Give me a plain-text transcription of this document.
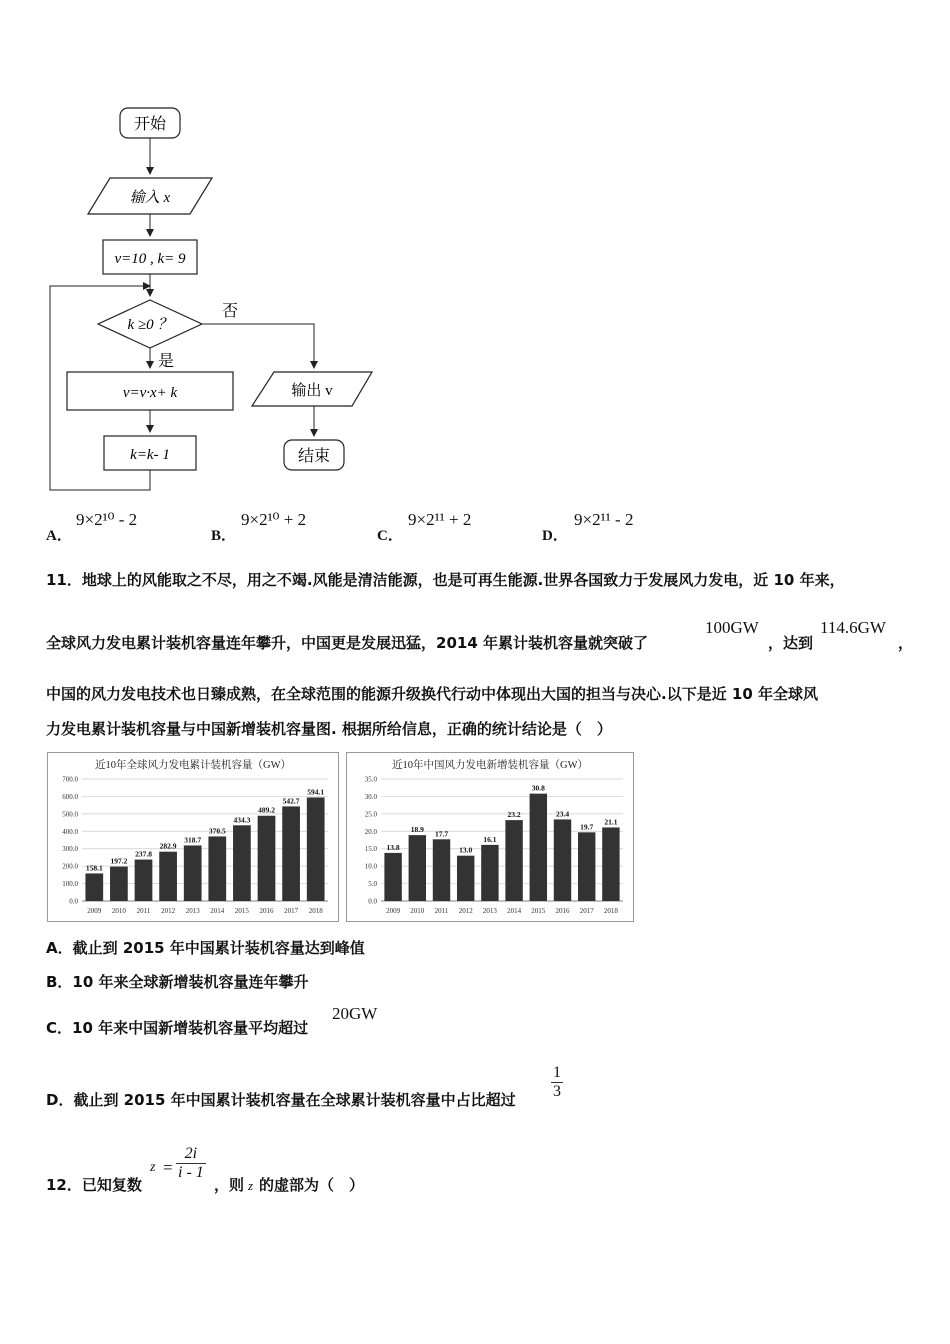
开始
输入 x
v=10 , k= 9
k ≥0 ？
否
是
v=v·x+ k
k=k- 1
输出 v
结束
A．
9×2¹⁰ - 2
B．
9×2¹⁰ + 2
C．
9×2¹¹ + 2
D．
9×2¹¹ - 2
11．地球上的风能取之不尽，用之不竭.风能是清洁能源，也是可再生能源.世界各国致力于发展风力发电，近 10 年来，
全球风力发电累计装机容量连年攀升，中国更是发展迅猛，2014 年累计装机容量就突破了
100GW
，达到
114.6GW
，
中国的风力发电技术也日臻成熟，在全球范围的能源升级换代行动中体现出大国的担当与决心.以下是近 10 年全球风
力发电累计装机容量与中国新增装机容量图. 根据所给信息，正确的统计结论是（　）
近10年全球风力发电累计装机容量（GW）
0.0
100.0
200.0
300.0
400.0
500.0
600.0
700.0
158.1
2009
197.2
2010
237.8
2011
282.9
2012
318.7
2013
370.5
2014
434.3
2015
489.2
2016
542.7
2017
594.1
2018
近10年中国风力发电新增装机容量（GW）
0.0
5.0
10.0
15.0
20.0
25.0
30.0
35.0
13.8
2009
18.9
2010
17.7
2011
13.0
2012
16.1
2013
23.2
2014
30.8
2015
23.4
2016
19.7
2017
21.1
2018
A．截止到 2015 年中国累计装机容量达到峰值
B．10 年来全球新增装机容量连年攀升
C．10 年来中国新增装机容量平均超过
20GW
D．截止到 2015 年中国累计装机容量在全球累计装机容量中占比超过 $\frac{1}{3}$
12．已知复数
$z = \frac{2i}{i - 1}$
，则 z 的虚部为（　）
